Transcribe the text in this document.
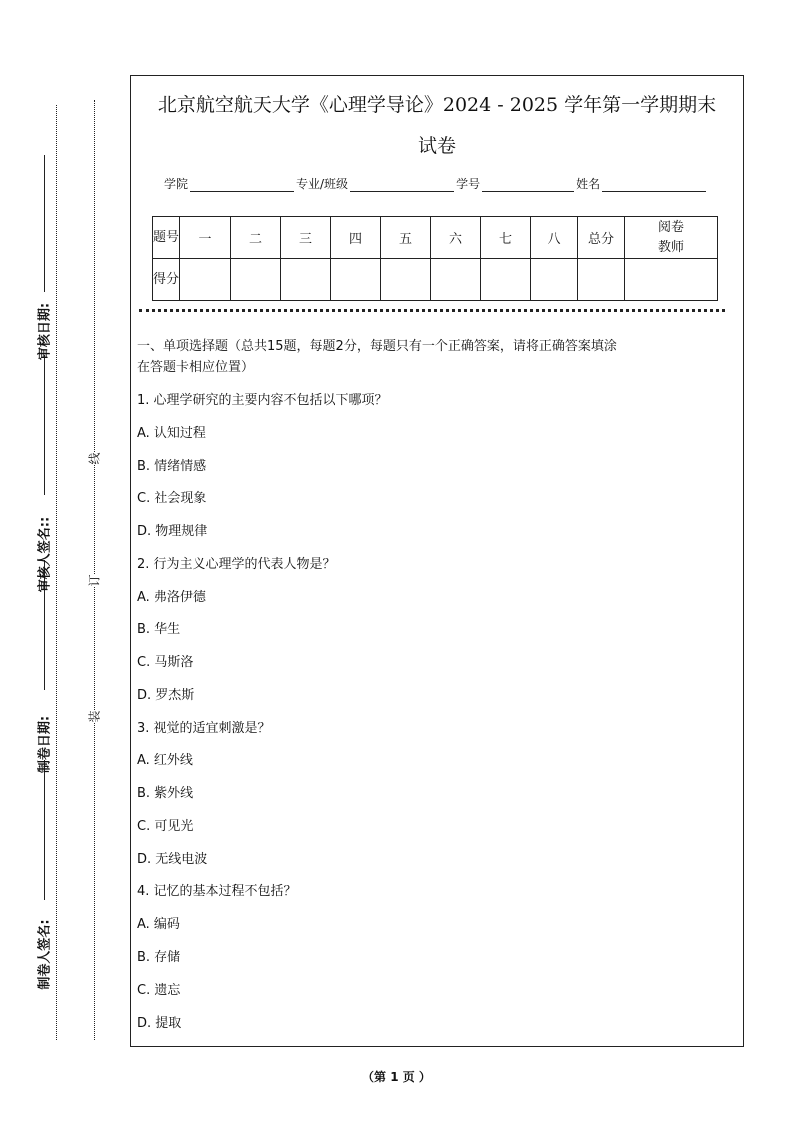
审核日期:
审核人签名::
制卷日期:
制卷人签名:
线
订
装
北京航空航天大学《心理学导论》2024 - 2025 学年第一学期期末
试卷
学院	专业/班级	学号	姓名
题号	一	二	三	四	五	六	七	八	总分	阅卷教师
得分										
一、单项选择题（总共15题，每题2分，每题只有一个正确答案，请将正确答案填涂
在答题卡相应位置）
1. 心理学研究的主要内容不包括以下哪项？
A. 认知过程
B. 情绪情感
C. 社会现象
D. 物理规律
2. 行为主义心理学的代表人物是？
A. 弗洛伊德
B. 华生
C. 马斯洛
D. 罗杰斯
3. 视觉的适宜刺激是？
A. 红外线
B. 紫外线
C. 可见光
D. 无线电波
4. 记忆的基本过程不包括？
A. 编码
B. 存储
C. 遗忘
D. 提取
（第 1 页 ）
